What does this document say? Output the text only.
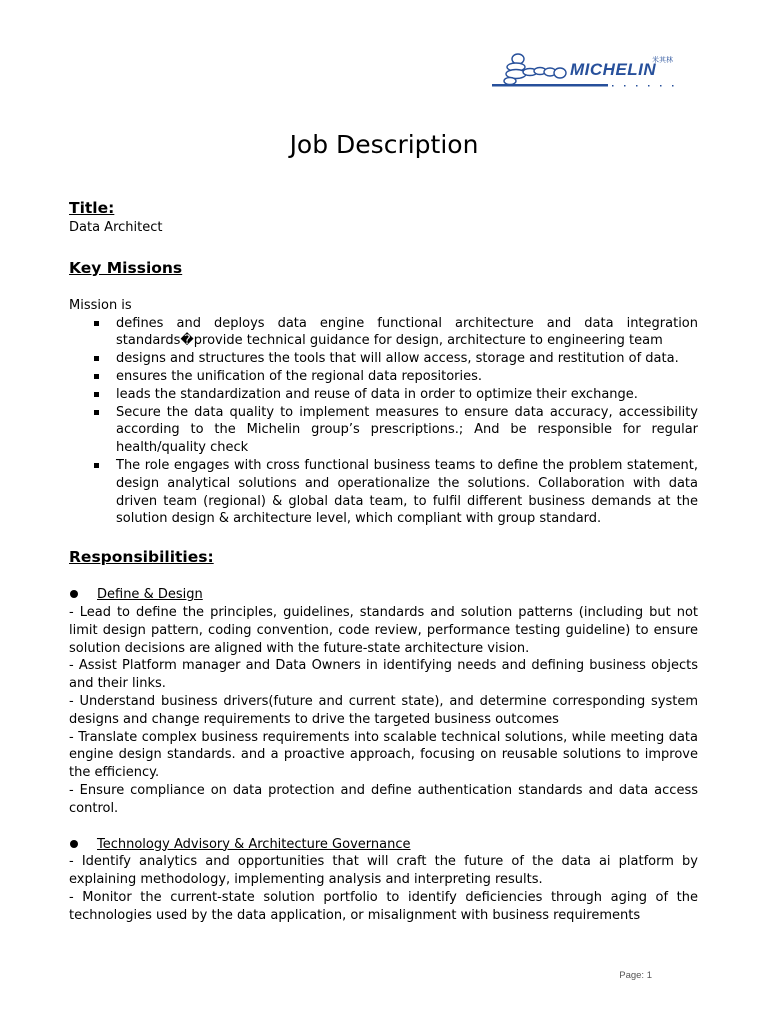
MICHELIN
米其林
Job Description
Title:

Data Architect

Key Missions

Mission is

defines and deploys data engine functional architecture and data integration standards�provide technical guidance for design, architecture to engineering team
designs and structures the tools that will allow access, storage and restitution of data.
ensures the unification of the regional data repositories.
leads the standardization and reuse of data in order to optimize their exchange.
Secure the data quality to implement measures to ensure data accuracy, accessibility according to the Michelin group’s prescriptions.; And be responsible for regular health/quality check
The role engages with cross functional business teams to define the problem statement, design analytical solutions and operationalize the solutions. Collaboration with data driven team (regional) & global data team, to fulfil different business demands at the solution design & architecture level, which compliant with group standard.
Responsibilities:
Define & Design

- Lead to define the principles, guidelines, standards and solution patterns (including but not limit design pattern, coding convention, code review, performance testing guideline) to ensure solution decisions are aligned with the future-state architecture vision.

- Assist Platform manager and Data Owners in identifying needs and defining business objects and their links.

- Understand business drivers(future and current state), and determine corresponding system designs and change requirements to drive the targeted business outcomes

- Translate complex business requirements into scalable technical solutions, while meeting data engine design standards. and a proactive approach, focusing on reusable solutions to improve the efficiency.

- Ensure compliance on data protection and define authentication standards and data access control.

Technology Advisory & Architecture Governance

- Identify analytics and opportunities that will craft the future of the data ai platform by explaining methodology, implementing analysis and interpreting results.

- Monitor the current-state solution portfolio to identify deficiencies through aging of the technologies used by the data application, or misalignment with business requirements

Page: 1
